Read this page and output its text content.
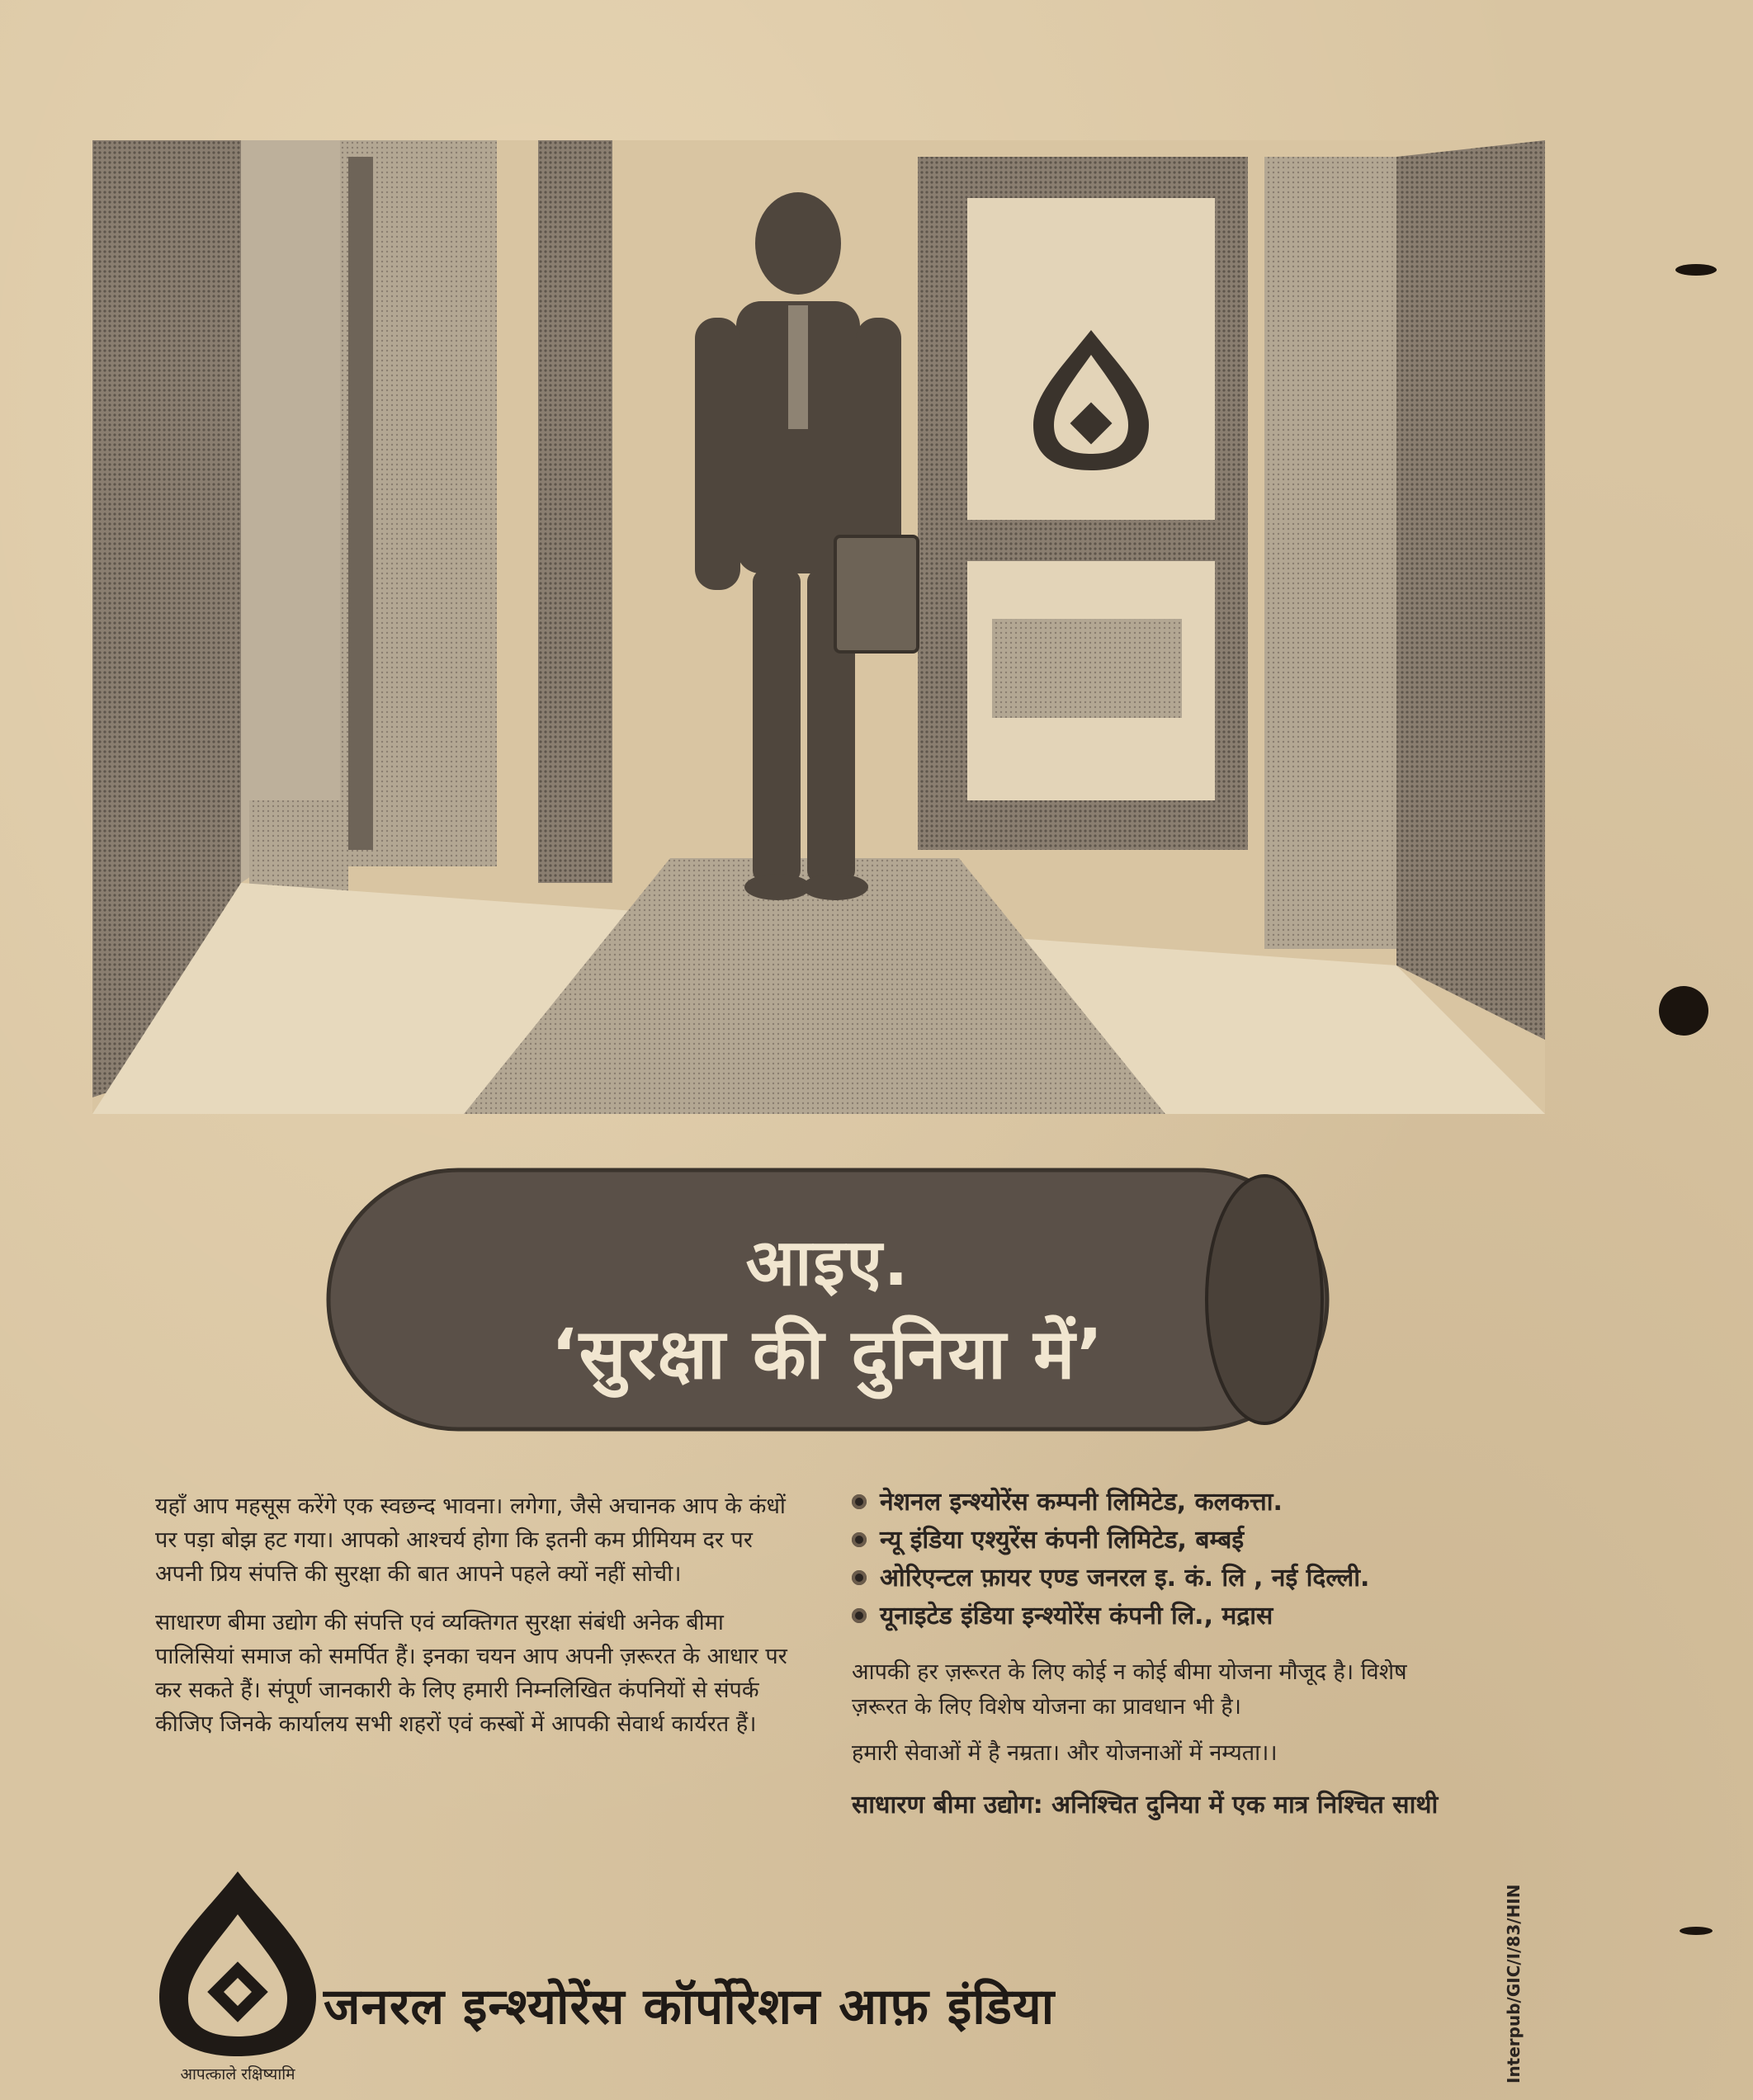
आइए.
‘सुरक्षा की दुनिया में’

यहाँ आप महसूस करेंगे एक स्वछन्द भावना। लगेगा, जैसे अचानक आप के कंधों पर पड़ा बोझ हट गया। आपको आश्चर्य होगा कि इतनी कम प्रीमियम दर पर अपनी प्रिय संपत्ति की सुरक्षा की बात आपने पहले क्यों नहीं सोची।

साधारण बीमा उद्योग की संपत्ति एवं व्यक्तिगत सुरक्षा संबंधी अनेक बीमा पालिसियां समाज को समर्पित हैं। इनका चयन आप अपनी ज़रूरत के आधार पर कर सकते हैं। संपूर्ण जानकारी के लिए हमारी निम्नलिखित कंपनियों से संपर्क कीजिए जिनके कार्यालय सभी शहरों एवं कस्बों में आपकी सेवार्थ कार्यरत हैं।

नेशनल इन्श्योरेंस कम्पनी लिमिटेड, कलकत्ता.
न्यू इंडिया एश्युरेंस कंपनी लिमिटेड, बम्बई
ओरिएन्टल फ़ायर एण्ड जनरल इ. कं. लि , नई दिल्ली.
यूनाइटेड इंडिया इन्श्योरेंस कंपनी लि., मद्रास

आपकी हर ज़रूरत के लिए कोई न कोई बीमा योजना मौजूद है। विशेष ज़रूरत के लिए विशेष योजना का प्रावधान भी है।

हमारी सेवाओं में है नम्रता। और योजनाओं में नम्यता।।

साधारण बीमा उद्योग: अनिश्चित दुनिया में एक मात्र निश्चित साथी
आपत्काले रक्षिष्यामि
जनरल इन्श्योरेंस कॉर्पोरेशन आफ़ इंडिया	Interpub/GIC/I/83/HIN
